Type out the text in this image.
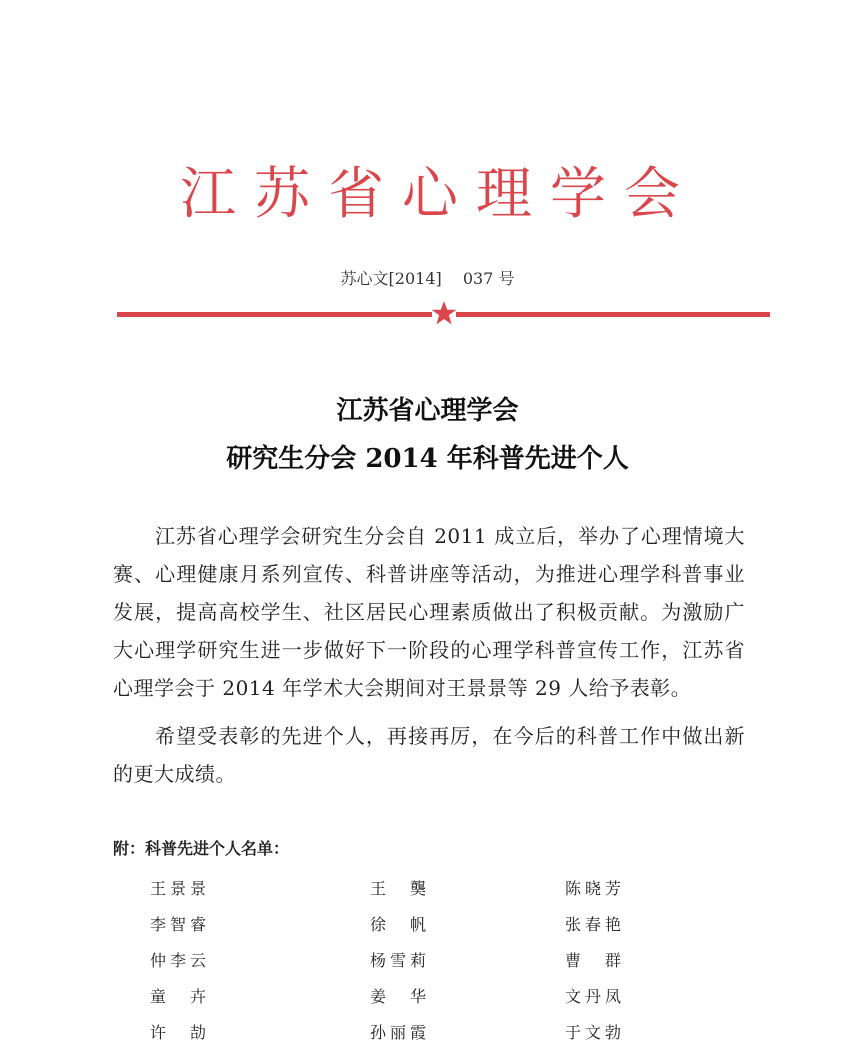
江 苏 省 心 理 学 会
苏心文[2014]　 037 号
江苏省心理学会
研究生分会 2014 年科普先进个人
江苏省心理学会研究生分会自 2011 成立后，举办了心理情境大
赛、心理健康月系列宣传、科普讲座等活动，为推进心理学科普事业
发展，提高高校学生、社区居民心理素质做出了积极贡献。为激励广
大心理学研究生进一步做好下一阶段的心理学科普宣传工作，江苏省
心理学会于 2014 年学术大会期间对王景景等 29 人给予表彰。
希望受表彰的先进个人，再接再厉，在今后的科普工作中做出新
的更大成绩。
附：科普先进个人名单：
王景景	王　龑	陈晓芳
李智睿	徐　帆	张春艳
仲李云	杨雪莉	曹　群
童　卉	姜　华	文丹凤
许　劼	孙丽霞	于文勃
